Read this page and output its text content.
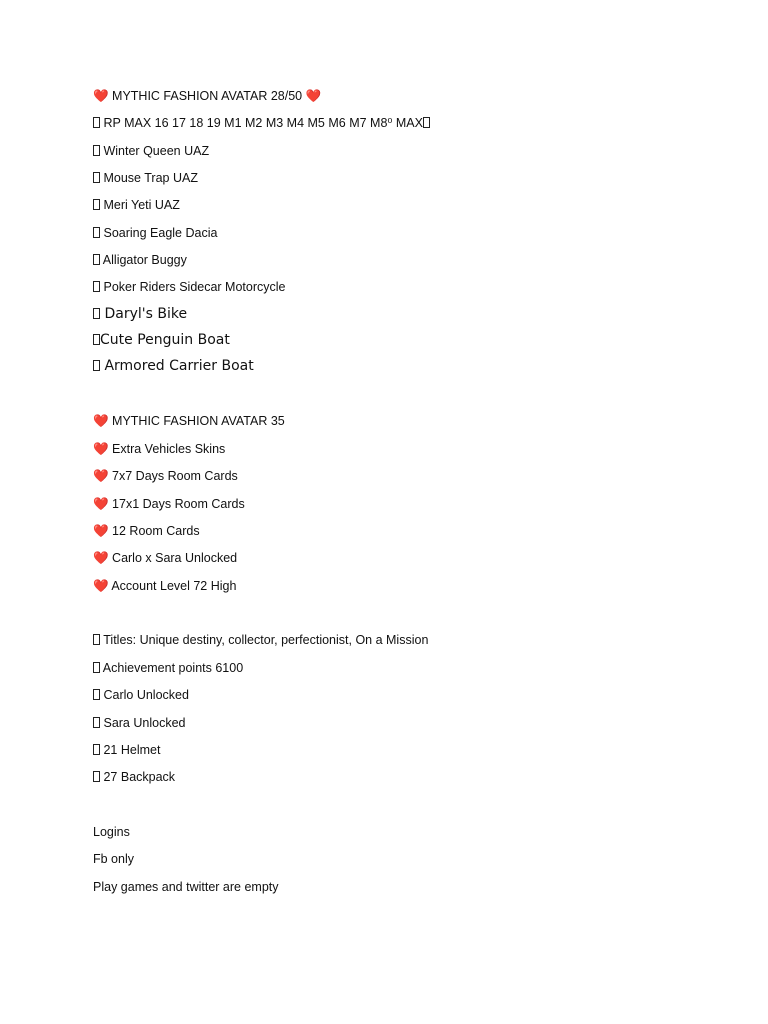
❤️ MYTHIC FASHION AVATAR 28/50 ❤️
RP MAX 16 17 18 19 M1 M2 M3 M4 M5 M6 M7 M8⁰ MAX
Winter Queen UAZ
Mouse Trap UAZ
Meri Yeti UAZ
Soaring Eagle Dacia
Alligator Buggy
Poker Riders Sidecar Motorcycle
Daryl's Bike
Cute Penguin Boat
Armored Carrier Boat
❤️ MYTHIC FASHION AVATAR 35
❤️ Extra Vehicles Skins
❤️ 7x7 Days Room Cards
❤️ 17x1 Days Room Cards
❤️ 12 Room Cards
❤️ Carlo x Sara Unlocked
❤️ Account Level 72 High
Titles: Unique destiny, collector, perfectionist, On a Mission
Achievement points 6100
Carlo Unlocked
Sara Unlocked
21 Helmet
27 Backpack
Logins
Fb only
Play games and twitter are empty
